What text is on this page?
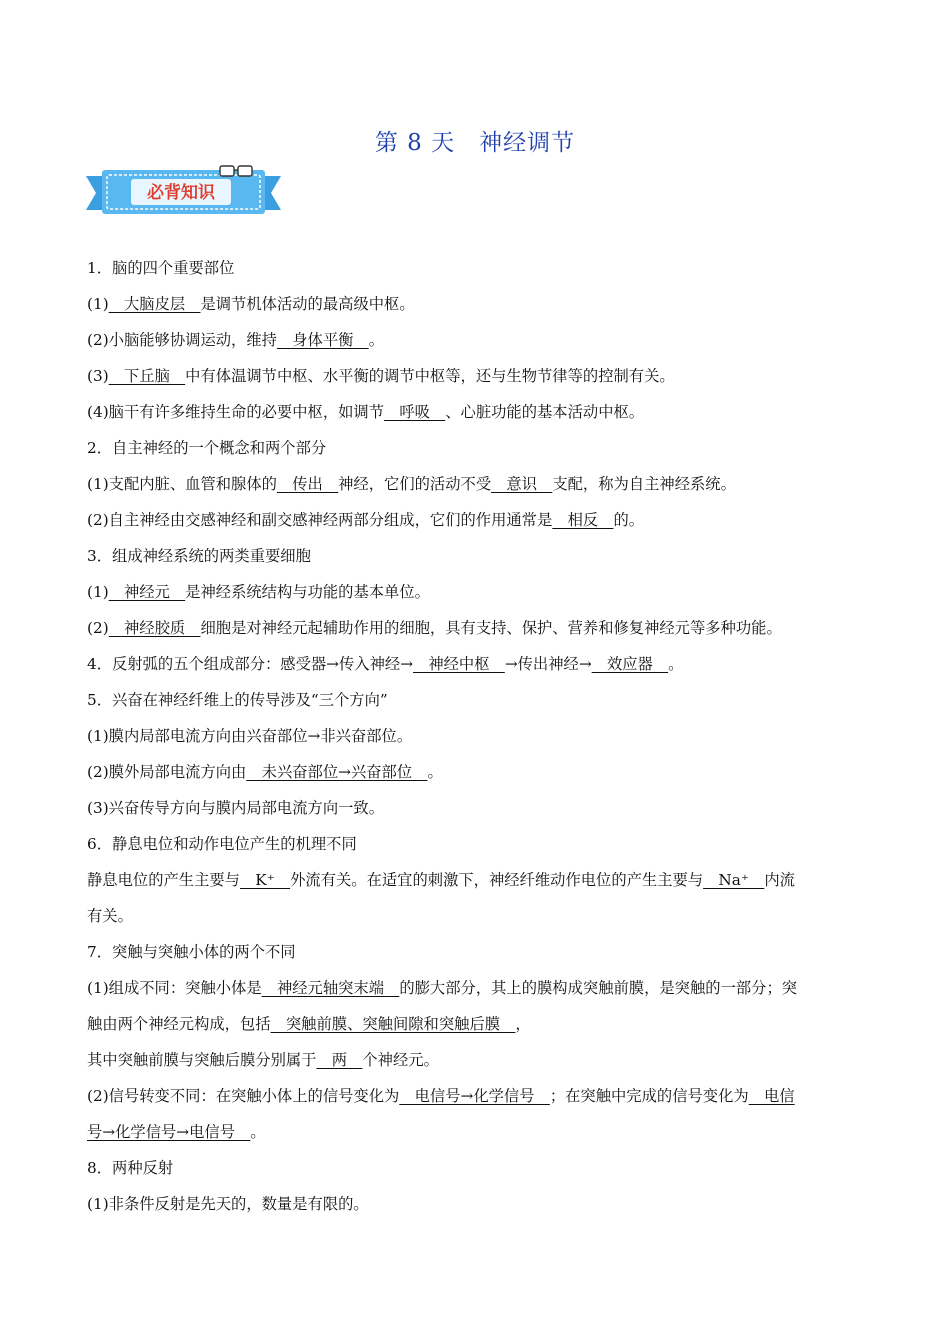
第 8 天　神经调节
必背知识
1．脑的四个重要部位
(1)  大脑皮层  是调节机体活动的最高级中枢。
(2)小脑能够协调运动，维持  身体平衡  。
(3)  下丘脑  中有体温调节中枢、水平衡的调节中枢等，还与生物节律等的控制有关。
(4)脑干有许多维持生命的必要中枢，如调节  呼吸  、心脏功能的基本活动中枢。
2．自主神经的一个概念和两个部分
(1)支配内脏、血管和腺体的  传出  神经，它们的活动不受  意识  支配，称为自主神经系统。
(2)自主神经由交感神经和副交感神经两部分组成，它们的作用通常是  相反  的。
3．组成神经系统的两类重要细胞
(1)  神经元  是神经系统结构与功能的基本单位。
(2)  神经胶质  细胞是对神经元起辅助作用的细胞，具有支持、保护、营养和修复神经元等多种功能。
4．反射弧的五个组成部分：感受器→传入神经→  神经中枢  →传出神经→  效应器  。
5．兴奋在神经纤维上的传导涉及“三个方向”
(1)膜内局部电流方向由兴奋部位→非兴奋部位。
(2)膜外局部电流方向由  未兴奋部位→兴奋部位  。
(3)兴奋传导方向与膜内局部电流方向一致。
6．静息电位和动作电位产生的机理不同
静息电位的产生主要与  K⁺  外流有关。在适宜的刺激下，神经纤维动作电位的产生主要与  Na⁺  内流
有关。
7．突触与突触小体的两个不同
(1)组成不同：突触小体是  神经元轴突末端  的膨大部分，其上的膜构成突触前膜，是突触的一部分；突
触由两个神经元构成，包括  突触前膜、突触间隙和突触后膜  ，
其中突触前膜与突触后膜分别属于  两  个神经元。
(2)信号转变不同：在突触小体上的信号变化为  电信号→化学信号  ；在突触中完成的信号变化为  电信
号→化学信号→电信号  。
8．两种反射
(1)非条件反射是先天的，数量是有限的。
